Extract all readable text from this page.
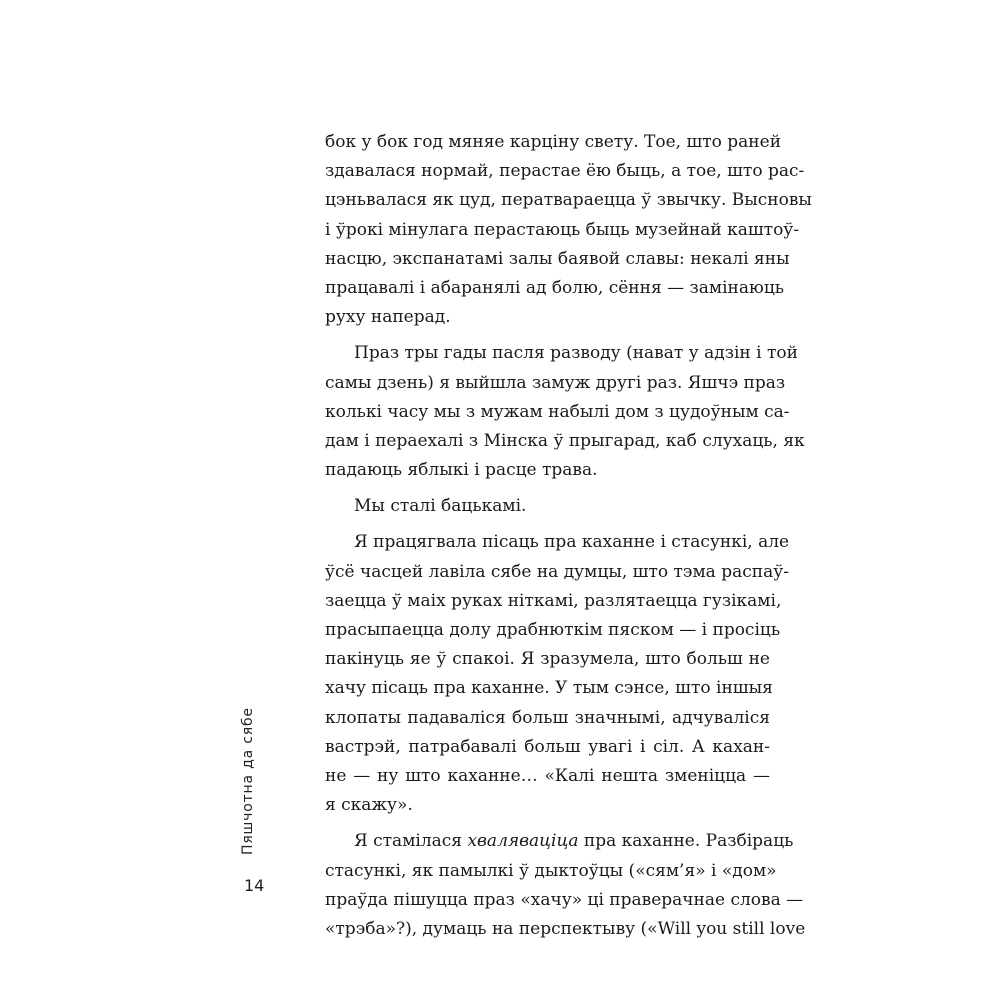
бок у бок год мяняе карціну свету. Тое, што раней
здавалася нормай, перастае ёю быць, а тое, што рас-
цэньвалася як цуд, ператвараецца ў звычку. Высновы
і ўрокі мінулага перастаюць быць музейнай каштоў-
насцю, экспанатамі залы баявой славы: некалі яны
працавалі і абаранялі ад болю, сёння — замінаюць
руху наперад.
Праз тры гады пасля разводу (нават у адзін і той
самы дзень) я выйшла замуж другі раз. Яшчэ праз
колькі часу мы з мужам набылі дом з цудоўным са-
дам і пераехалі з Мінска ў прыгарад, каб слухаць, як
падаюць яблыкі і расце трава.
Мы сталі бацькамі.
Я працягвала пісаць пра каханне і стасункі, але
ўсё часцей лавіла сябе на думцы, што тэма распаў-
заецца ў маіх руках ніткамі, разлятаецца гузікамі,
прасыпаецца долу драбнюткім пяском — і просіць
пакінуць яе ў спакоі. Я зразумела, што больш не
хачу пісаць пра каханне. У тым сэнсе, што іншыя
клопаты падаваліся больш значнымі, адчуваліся
вастрэй, патрабавалі больш увагі і сіл. А кахан-
не — ну што каханне… «Калі нешта зменіцца —
я скажу».
Я стамілася хваляваціца пра каханне. Разбіраць
стасункі, як памылкі ў дыктоўцы («сям’я» і «дом»
праўда пішуцца праз «хачу» ці праверачнае слова —
«трэба»?), думаць на перспектыву («Will you still love
Пяшчотна да сябе
14
